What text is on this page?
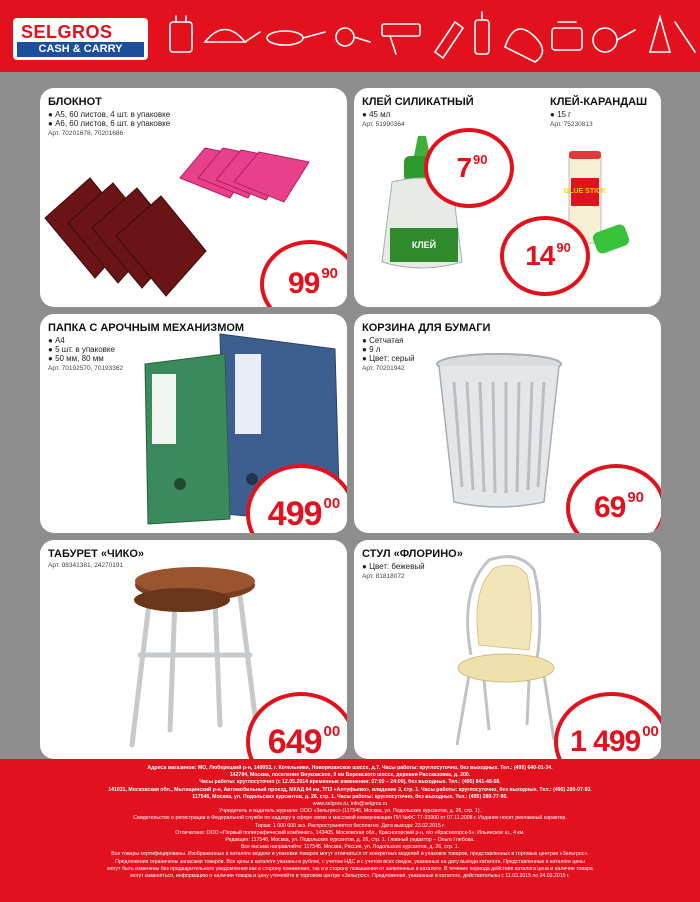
SELGROS
CASH & CARRY
БЛОКНОТ
● А5, 60 листов, 4 шт. в упаковке
● А6, 60 листов, 6 шт. в упаковке
Арт. 70201678, 70201686
99 90
КЛЕЙ СИЛИКАТНЫЙ
● 45 мл
Арт. 51990364
КЛЕЙ-КАРАНДАШ
● 15 г
Арт. 75230813
КЛЕЙ
GLUE STICK
7 90
14 90
ПАПКА С АРОЧНЫМ МЕХАНИЗМОМ
● А4
● 5 шт. в упаковке
● 50 мм, 80 мм
Арт. 70192570, 70193362
499 00
КОРЗИНА ДЛЯ БУМАГИ
● Сетчатая
● 9 л
● Цвет: серый
Арт. 70201942
69 90
ТАБУРЕТ «ЧИКО»
Арт. 98341381, 24270191
649 00
СТУЛ «ФЛОРИНО»
● Цвет: бежевый
Арт. 81818072
1 499 00
Адреса магазинов: МО, Люберецкий р-н, 140053, г. Котельники, Новорязанское шоссе, д.7. Часы работы: круглосуточно, без выходных. Тел.: (495) 640-01-34.
142784, Москва, поселение Внуковское, 9 км Боровского шоссе, деревня Рассказовка, д. 200.
Часы работы: круглосуточно (с 12.05.2014 временные изменения: 07:00 – 24:00), без выходных. Тел.: (495) 841-48-58.
141031, Московская обл., Мытищинский р-н, Автомобильный проезд, МКАД 84 км, ТПЗ «Алтуфьево», владение 3, стр. 1. Часы работы: круглосуточно, без выходных. Тел.: (495) 280-07-93.
117546, Москва, ул. Подольских курсантов, д. 26, стр. 1. Часы работы: круглосуточно, без выходных. Тел.: (495) 280-77-95.
www.selgros.ru, info@selgros.ru
Учредитель и издатель журнала: ООО «Зельгрос» (117546, Москва, ул. Подольских курсантов, д. 26, стр. 1).
Свидетельство о регистрации в Федеральной службе по надзору в сфере связи и массовой коммуникации ПИ №ФС 77-33900 от 07.11.2008 г. Издание носит рекламный характер.
Тираж: 1 000 000 экз. Распространяется бесплатно. Дата выхода: 23.02.2015 г.
Отпечатано: ООО «Первый полиграфический комбинат», 143405, Московская обл., Красногорский р-н, п/о «Красногорск-5», Ильинское ш., 4 км.
Редакция: 117546, Москва, ул. Подольских курсантов, д. 26, стр. 1. Главный редактор – Ольга Глебова.
Все письма направляйте: 117546, Москва, Россия, ул. Подольских курсантов, д. 26, стр. 1.
Все товары сертифицированы. Изображенные в каталоге модели и упаковки товаров могут отличаться от конкретных моделей и упаковок товаров, представленных в торговых центрах «Зельгрос».
Предложения ограничены запасами товаров. Все цены в каталоге указаны в рублях, с учетом НДС и с учетом всех скидок, указанных на дату выхода каталога. Представленные в каталоге цены
могут быть изменены без предварительного уведомления как в сторону понижения, так и в сторону повышения от заявленных в каталоге. В течение периода действия каталога цена и наличие товара
могут изменяться, информацию о наличии товара и цену уточняйте в торговом центре «Зельгрос». Предложения, указанные в каталоге, действительны с 11.03.2015 по 24.03.2015 г.
